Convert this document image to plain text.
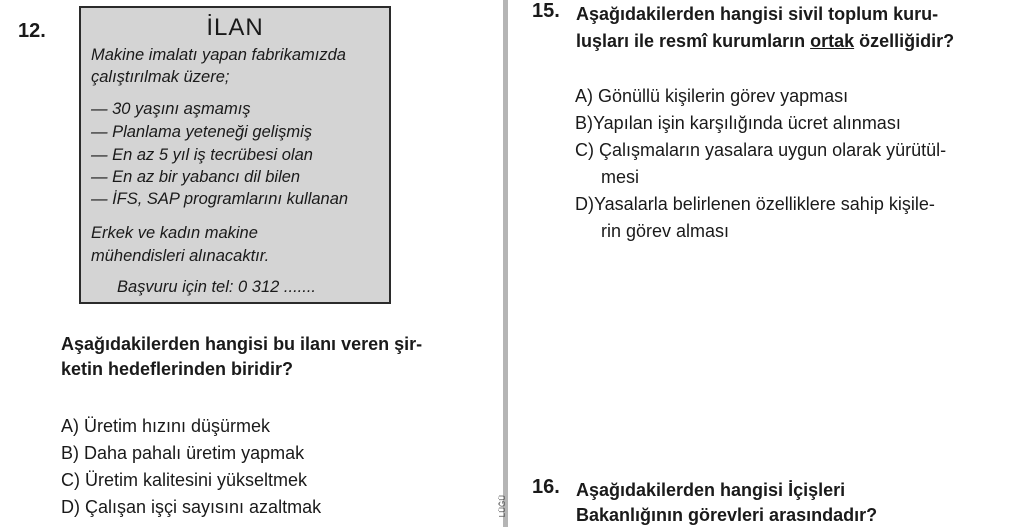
12.	İLAN
Makine imalatı yapan fabrikamızda
çalıştırılmak üzere;
— 30 yaşını aşmamış
— Planlama yeteneği gelişmiş
— En az 5 yıl iş tecrübesi olan
— En az bir yabancı dil bilen
— İFS, SAP programlarını kullanan
Erkek ve kadın makine
mühendisleri alınacaktır.
Başvuru için tel: 0 312 .......
Aşağıdakilerden hangisi bu ilanı veren şir-
ketin hedeflerinden biridir?
A) Üretim hızını düşürmek
B) Daha pahalı üretim yapmak
C) Üretim kalitesini yükseltmek
D) Çalışan işçi sayısını azaltmak	LÜĞÜ
15. Aşağıdakilerden hangisi sivil toplum kuru-
luşları ile resmî kurumların ortak özelliğidir?
A) Gönüllü kişilerin görev yapması
B)Yapılan işin karşılığında ücret alınması
C) Çalışmaların yasalara uygun olarak yürütül-
mesi
D)Yasalarla belirlenen özelliklere sahip kişile-
rin görev alması
16. Aşağıdakilerden hangisi İçişleri
Bakanlığının görevleri arasındadır?
